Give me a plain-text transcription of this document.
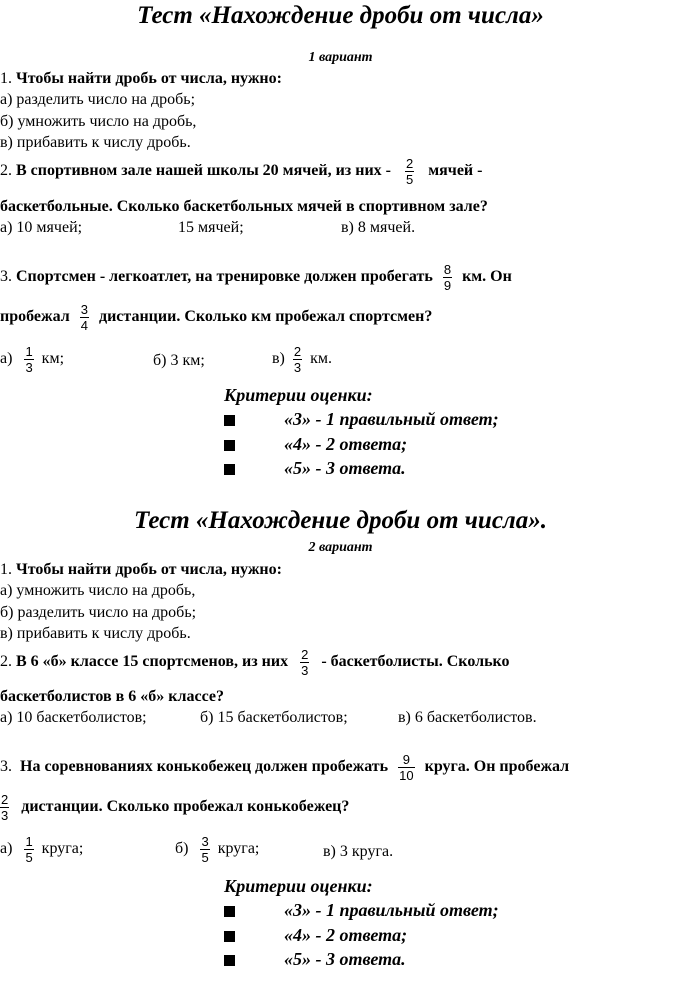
Тест «Нахождение дроби от числа»
1 вариант
1. Чтобы найти дробь от числа, нужно:
а) разделить число на дробь;
б) умножить число на дробь,
в) прибавить к числу дробь.
2. В спортивном зале нашей школы 20 мячей, из них - $\frac{2}{5}$ мячей -
баскетбольные. Сколько баскетбольных мячей в спортивном зале?
а) 10 мячей;	15 мячей;	в) 8 мячей.
3. Спортсмен - легкоатлет, на тренировке должен пробегать $\frac{8}{9}$ км. Он
пробежал $\frac{3}{4}$ дистанции. Сколько км пробежал спортсмен?
$а) \frac{1}{3}$ км;	б) 3 км;	$в) \frac{2}{3}$ км.
Критерии оценки:
«3» - 1 правильный ответ;
«4» - 2 ответа;
«5» - 3 ответа.
Тест «Нахождение дроби от числа».
2 вариант
1. Чтобы найти дробь от числа, нужно:
а) умножить число на дробь,
б) разделить число на дробь;
в) прибавить к числу дробь.
2. В 6 «б» классе 15 спортсменов, из них $\frac{2}{3}$ - баскетболисты. Сколько
баскетболистов в 6 «б» классе?
а) 10 баскетболистов;	б) 15 баскетболистов;	в) 6 баскетболистов.
3. На соревнованиях конькобежец должен пробежать $\frac{9}{10}$ круга. Он пробежал
$\frac{2}{3}$ дистанции. Сколько пробежал конькобежец?
$а) \frac{1}{5}$ круга;	$б) \frac{3}{5}$ круга;	в) 3 круга.
Критерии оценки:
«3» - 1 правильный ответ;
«4» - 2 ответа;
«5» - 3 ответа.
